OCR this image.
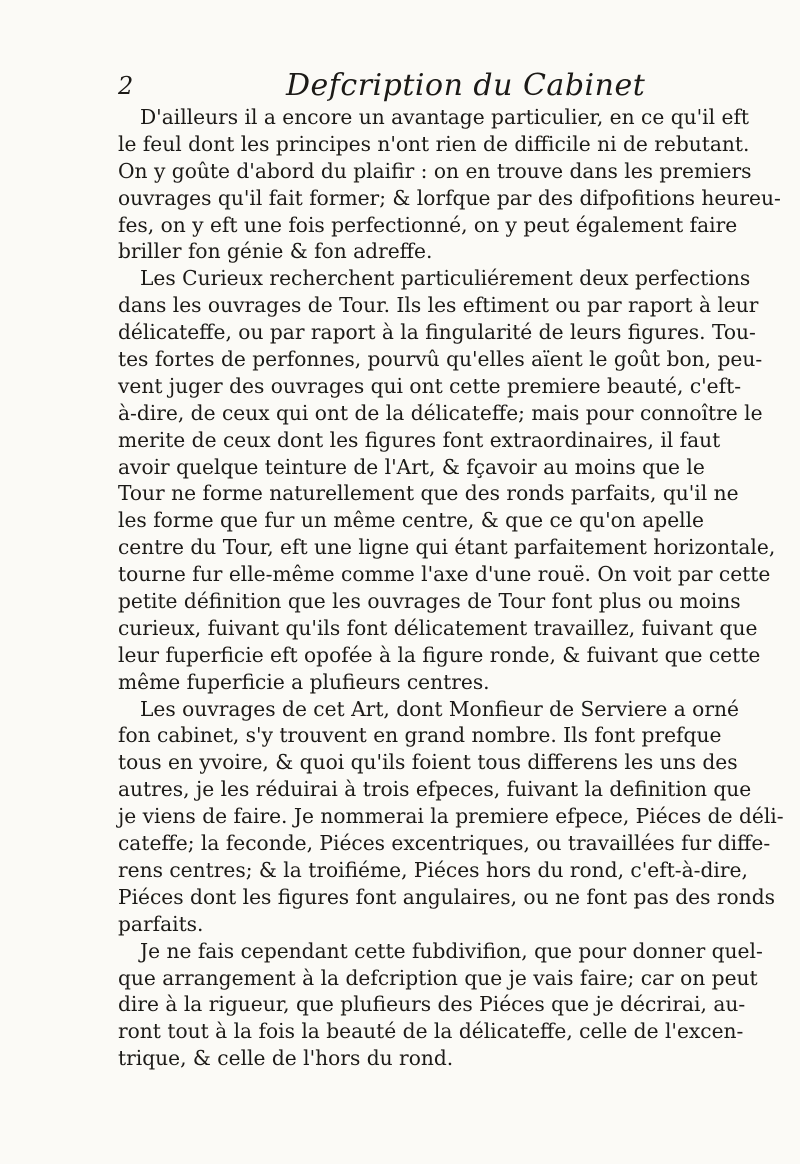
2	Defcription du Cabinet
D'ailleurs il a encore un avantage particulier, en ce qu'il eft
le feul dont les principes n'ont rien de difficile ni de rebutant.
On y goûte d'abord du plaifir : on en trouve dans les premiers
ouvrages qu'il fait former; & lorfque par des difpofitions heureu-
fes, on y eft une fois perfectionné, on y peut également faire
briller fon génie & fon adreffe.
Les Curieux recherchent particuliérement deux perfections
dans les ouvrages de Tour. Ils les eftiment ou par raport à leur
délicateffe, ou par raport à la fingularité de leurs figures. Tou-
tes fortes de perfonnes, pourvû qu'elles aïent le goût bon, peu-
vent juger des ouvrages qui ont cette premiere beauté, c'eft-
à-dire, de ceux qui ont de la délicateffe; mais pour connoître le
merite de ceux dont les figures font extraordinaires, il faut
avoir quelque teinture de l'Art, & fçavoir au moins que le
Tour ne forme naturellement que des ronds parfaits, qu'il ne
les forme que fur un même centre, & que ce qu'on apelle
centre du Tour, eft une ligne qui étant parfaitement horizontale,
tourne fur elle-même comme l'axe d'une rouë. On voit par cette
petite définition que les ouvrages de Tour font plus ou moins
curieux, fuivant qu'ils font délicatement travaillez, fuivant que
leur fuperficie eft opofée à la figure ronde, & fuivant que cette
même fuperficie a plufieurs centres.
Les ouvrages de cet Art, dont Monfieur de Serviere a orné
fon cabinet, s'y trouvent en grand nombre. Ils font prefque
tous en yvoire, & quoi qu'ils foient tous differens les uns des
autres, je les réduirai à trois efpeces, fuivant la definition que
je viens de faire. Je nommerai la premiere efpece, Piéces de déli-
cateffe; la feconde, Piéces excentriques, ou travaillées fur diffe-
rens centres; & la troifiéme, Piéces hors du rond, c'eft-à-dire,
Piéces dont les figures font angulaires, ou ne font pas des ronds
parfaits.
Je ne fais cependant cette fubdivifion, que pour donner quel-
que arrangement à la defcription que je vais faire; car on peut
dire à la rigueur, que plufieurs des Piéces que je décrirai, au-
ront tout à la fois la beauté de la délicateffe, celle de l'excen-
trique, & celle de l'hors du rond.
